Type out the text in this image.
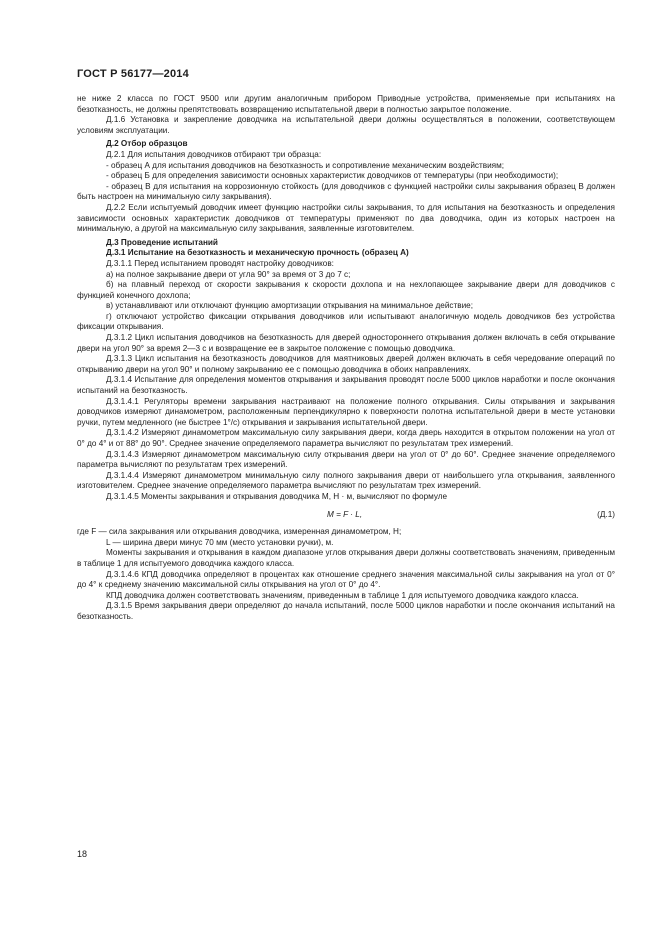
ГОСТ Р 56177—2014

не ниже 2 класса по ГОСТ 9500 или другим аналогичным прибором Приводные устройства, применяемые при испытаниях на безотказность, не должны препятствовать возвращению испытательной двери в полностью закрытое положение.

Д.1.6 Установка и закрепление доводчика на испытательной двери должны осуществляться в положении, соответствующем условиям эксплуатации.

Д.2 Отбор образцов

Д.2.1 Для испытания доводчиков отбирают три образца:

- образец А для испытания доводчиков на безотказность и сопротивление механическим воздействиям;

- образец Б для определения зависимости основных характеристик доводчиков от температуры (при необходимости);

- образец В для испытания на коррозионную стойкость (для доводчиков с функцией настройки силы закрывания образец В должен быть настроен на минимальную силу закрывания).

Д.2.2 Если испытуемый доводчик имеет функцию настройки силы закрывания, то для испытания на безотказность и определения зависимости основных характеристик доводчиков от температуры применяют по два доводчика, один из которых настроен на минимальную, а другой на максимальную силу закрывания, заявленные изготовителем.

Д.3 Проведение испытаний
Д.3.1 Испытание на безотказность и механическую прочность (образец А)

Д.3.1.1 Перед испытанием проводят настройку доводчиков:

а) на полное закрывание двери от угла 90° за время от 3 до 7 с;

б) на плавный переход от скорости закрывания к скорости дохлопа и на нехлопающее закрывание двери для доводчиков с функцией конечного дохлопа;

в) устанавливают или отключают функцию амортизации открывания на минимальное действие;

г) отключают устройство фиксации открывания доводчиков или испытывают аналогичную модель доводчиков без устройства фиксации открывания.

Д.3.1.2 Цикл испытания доводчиков на безотказность для дверей одностороннего открывания должен включать в себя открывание двери на угол 90° за время 2—3 с и возвращение ее в закрытое положение с помощью доводчика.

Д.3.1.3 Цикл испытания на безотказность доводчиков для маятниковых дверей должен включать в себя чередование операций по открыванию двери на угол 90° и полному закрыванию ее с помощью доводчика в обоих направлениях.

Д.3.1.4 Испытание для определения моментов открывания и закрывания проводят после 5000 циклов наработки и после окончания испытаний на безотказность.

Д.3.1.4.1 Регуляторы времени закрывания настраивают на положение полного открывания. Силы открывания и закрывания доводчиков измеряют динамометром, расположенным перпендикулярно к поверхности полотна испытательной двери в месте установки ручки, путем медленного (не быстрее 1°/с) открывания и закрывания испытательной двери.

Д.3.1.4.2 Измеряют динамометром максимальную силу закрывания двери, когда дверь находится в открытом положении на угол от 0° до 4° и от 88° до 90°. Среднее значение определяемого параметра вычисляют по результатам трех измерений.

Д.3.1.4.3 Измеряют динамометром максимальную силу открывания двери на угол от 0° до 60°. Среднее значение определяемого параметра вычисляют по результатам трех измерений.

Д.3.1.4.4 Измеряют динамометром минимальную силу полного закрывания двери от наибольшего угла открывания, заявленного изготовителем. Среднее значение определяемого параметра вычисляют по результатам трех измерений.

Д.3.1.4.5 Моменты закрывания и открывания доводчика M, Н · м, вычисляют по формуле

M = F · L,	(Д.1)

где F — сила закрывания или открывания доводчика, измеренная динамометром, Н;

L — ширина двери минус 70 мм (место установки ручки), м.

Моменты закрывания и открывания в каждом диапазоне углов открывания двери должны соответствовать значениям, приведенным в таблице 1 для испытуемого доводчика каждого класса.

Д.3.1.4.6 КПД доводчика определяют в процентах как отношение среднего значения максимальной силы закрывания на угол от 0° до 4° к среднему значению максимальной силы открывания на угол от 0° до 4°.

КПД доводчика должен соответствовать значениям, приведенным в таблице 1 для испытуемого доводчика каждого класса.

Д.3.1.5 Время закрывания двери определяют до начала испытаний, после 5000 циклов наработки и после окончания испытаний на безотказность.

18
